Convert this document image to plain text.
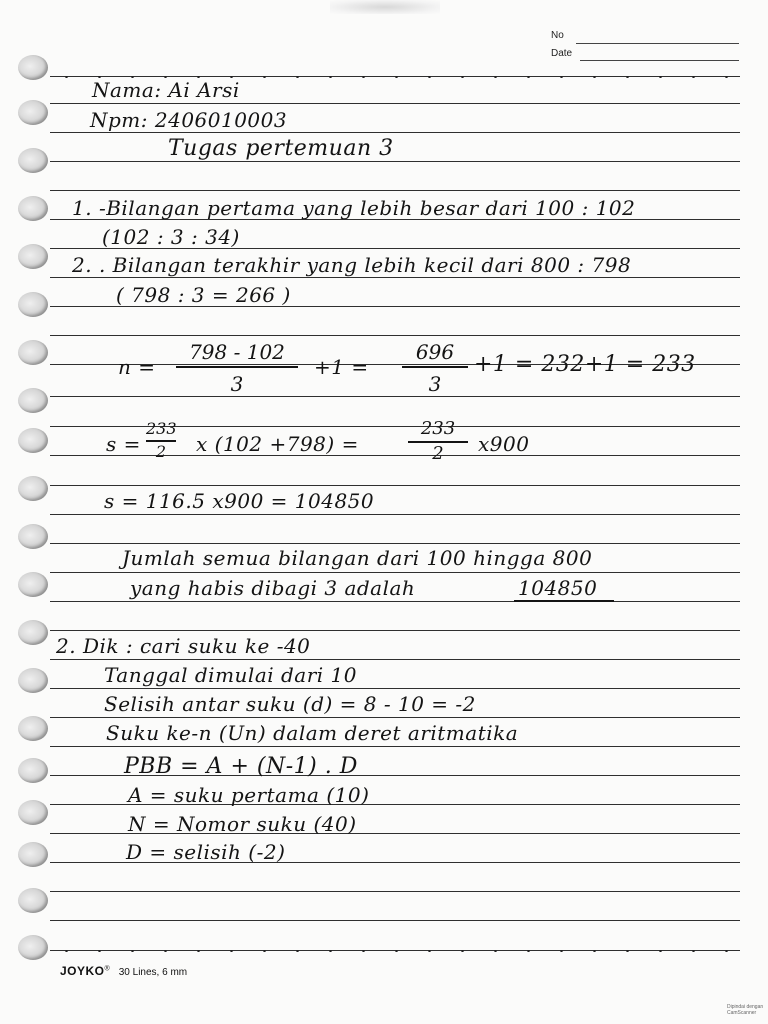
No
Date
Nama: Ai Arsi
Npm: 2406010003
Tugas pertemuan 3
1. -Bilangan pertama yang lebih besar dari 100 : 102
(102 : 3 : 34)
2. . Bilangan terakhir yang lebih kecil dari 800 : 798
( 798 : 3 = 266 )
n =
798 - 102
3
+1 =
696
3
+1 = 232+1 = 233
s =
233
2	x (102 +798) =
233
2	x900
s = 116.5 x900 = 104850
Jumlah semua bilangan dari 100 hingga 800
yang habis dibagi 3 adalah	104850
2. Dik : cari suku ke -40
Tanggal dimulai dari 10
Selisih antar suku (d) = 8 - 10 = -2
Suku ke-n (Un) dalam deret aritmatika
PBB = A + (N-1) . D
A = suku pertama (10)
N = Nomor suku (40)
D = selisih (-2)
JOYKO® 30 Lines, 6 mm
Dipindai dengan
CamScanner
